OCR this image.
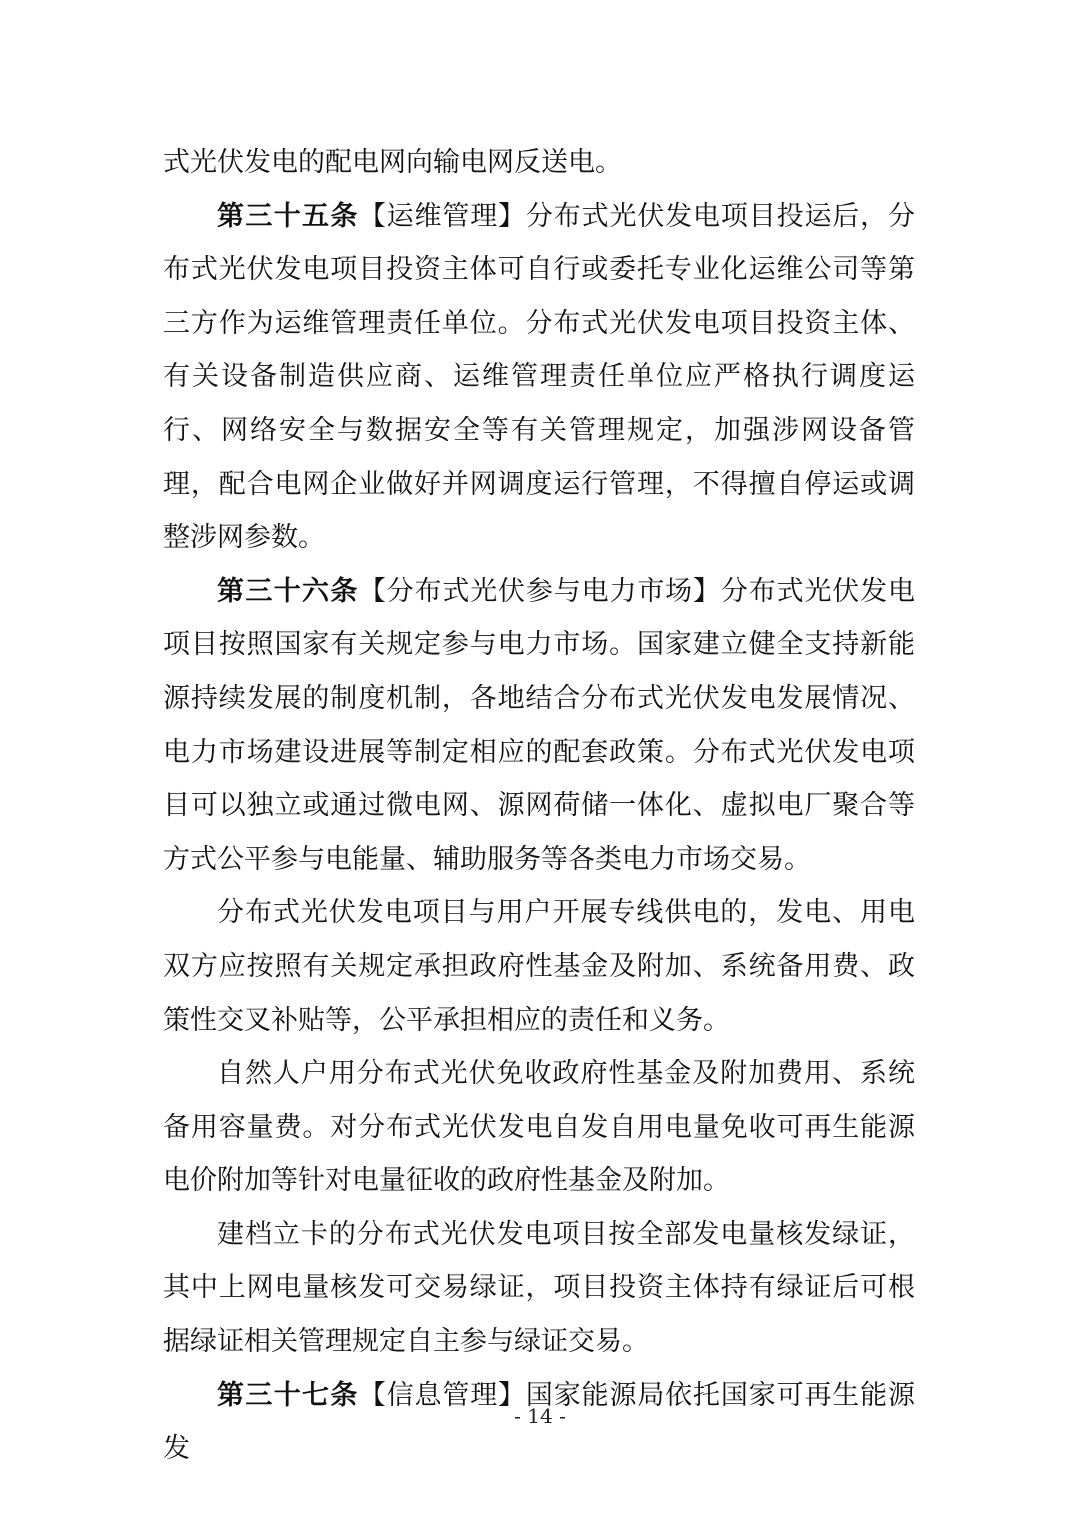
式光伏发电的配电网向输电网反送电。

第三十五条【运维管理】分布式光伏发电项目投运后，分布式光伏发电项目投资主体可自行或委托专业化运维公司等第三方作为运维管理责任单位。分布式光伏发电项目投资主体、有关设备制造供应商、运维管理责任单位应严格执行调度运行、网络安全与数据安全等有关管理规定，加强涉网设备管理，配合电网企业做好并网调度运行管理，不得擅自停运或调整涉网参数。

第三十六条【分布式光伏参与电力市场】分布式光伏发电项目按照国家有关规定参与电力市场。国家建立健全支持新能源持续发展的制度机制，各地结合分布式光伏发电发展情况、电力市场建设进展等制定相应的配套政策。分布式光伏发电项目可以独立或通过微电网、源网荷储一体化、虚拟电厂聚合等方式公平参与电能量、辅助服务等各类电力市场交易。

分布式光伏发电项目与用户开展专线供电的，发电、用电双方应按照有关规定承担政府性基金及附加、系统备用费、政策性交叉补贴等，公平承担相应的责任和义务。

自然人户用分布式光伏免收政府性基金及附加费用、系统备用容量费。对分布式光伏发电自发自用电量免收可再生能源电价附加等针对电量征收的政府性基金及附加。

建档立卡的分布式光伏发电项目按全部发电量核发绿证，其中上网电量核发可交易绿证，项目投资主体持有绿证后可根据绿证相关管理规定自主参与绿证交易。

第三十七条【信息管理】国家能源局依托国家可再生能源发

- 14 -
